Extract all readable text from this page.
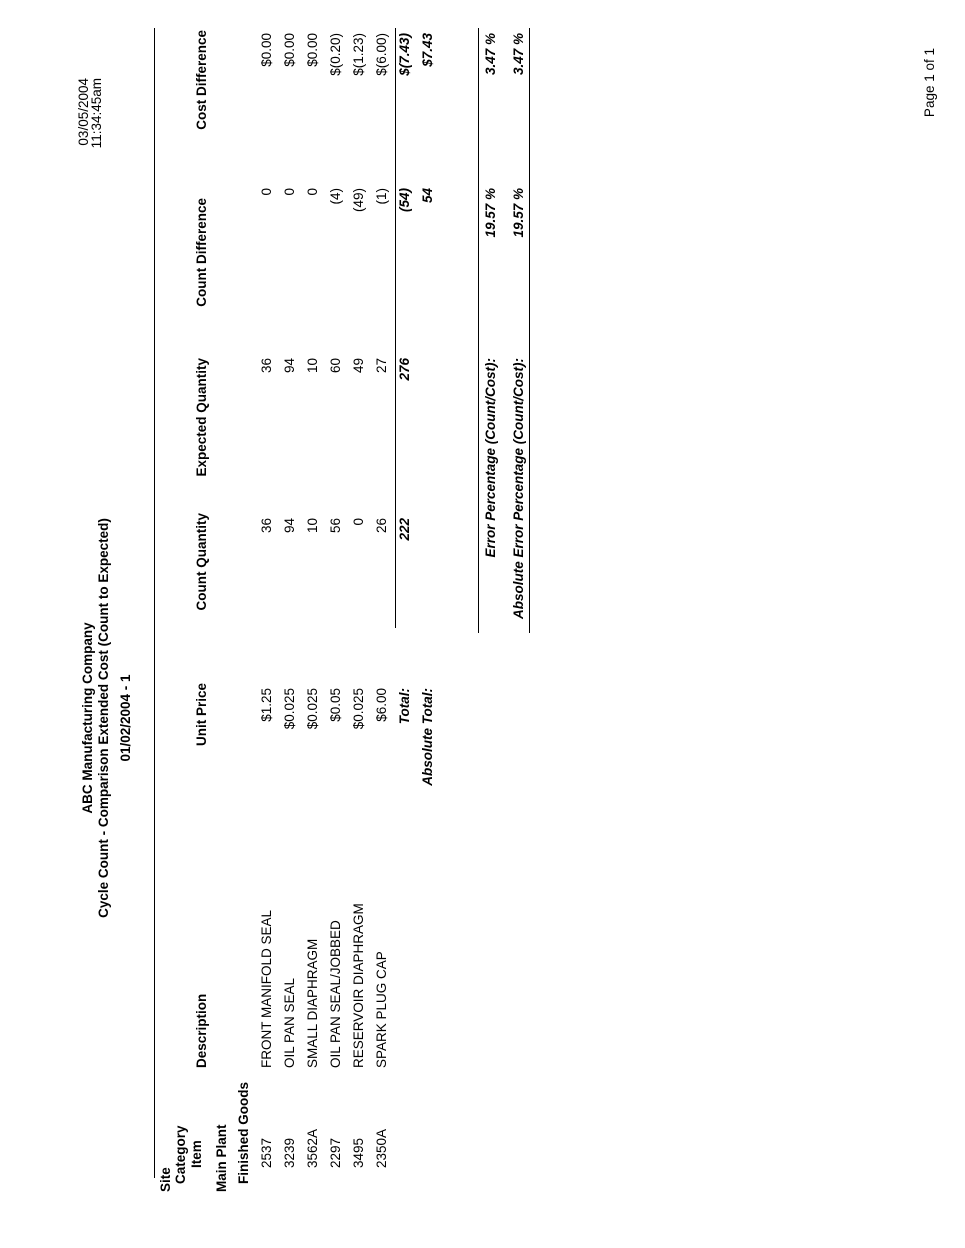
ABC Manufacturing Company Cycle Count - Comparison Extended Cost (Count to Expected) 01/02/2004 - 1
03/05/2004
11:34:45am
Site Category Item
Description
Unit Price
Count Quantity
Expected Quantity
Count Difference
Cost Difference
Main Plant Finished Goods 2537
FRONT MANIFOLD SEAL
$1.25
36
36
0
$0.00
3239
OIL PAN SEAL
$0.025
94
94
0
$0.00
3562A
SMALL DIAPHRAGM
$0.025
10
10
0
$0.00
2297
OIL PAN SEAL/JOBBED
$0.05
56
60
(4)
$(0.20)
3495
RESERVOIR DIAPHRAGM
$0.025
0
49
(49)
$(1.23)
2350A
SPARK PLUG CAP
$6.00
26
27
(1)
$(6.00)
Total:
222
276
(54)
$(7.43)
Absolute Total:
54
$7.43
Error Percentage (Count/Cost):
19.57 %
3.47 %
Absolute Error Percentage (Count/Cost):
19.57 %
3.47 %	Page 1 of 1
